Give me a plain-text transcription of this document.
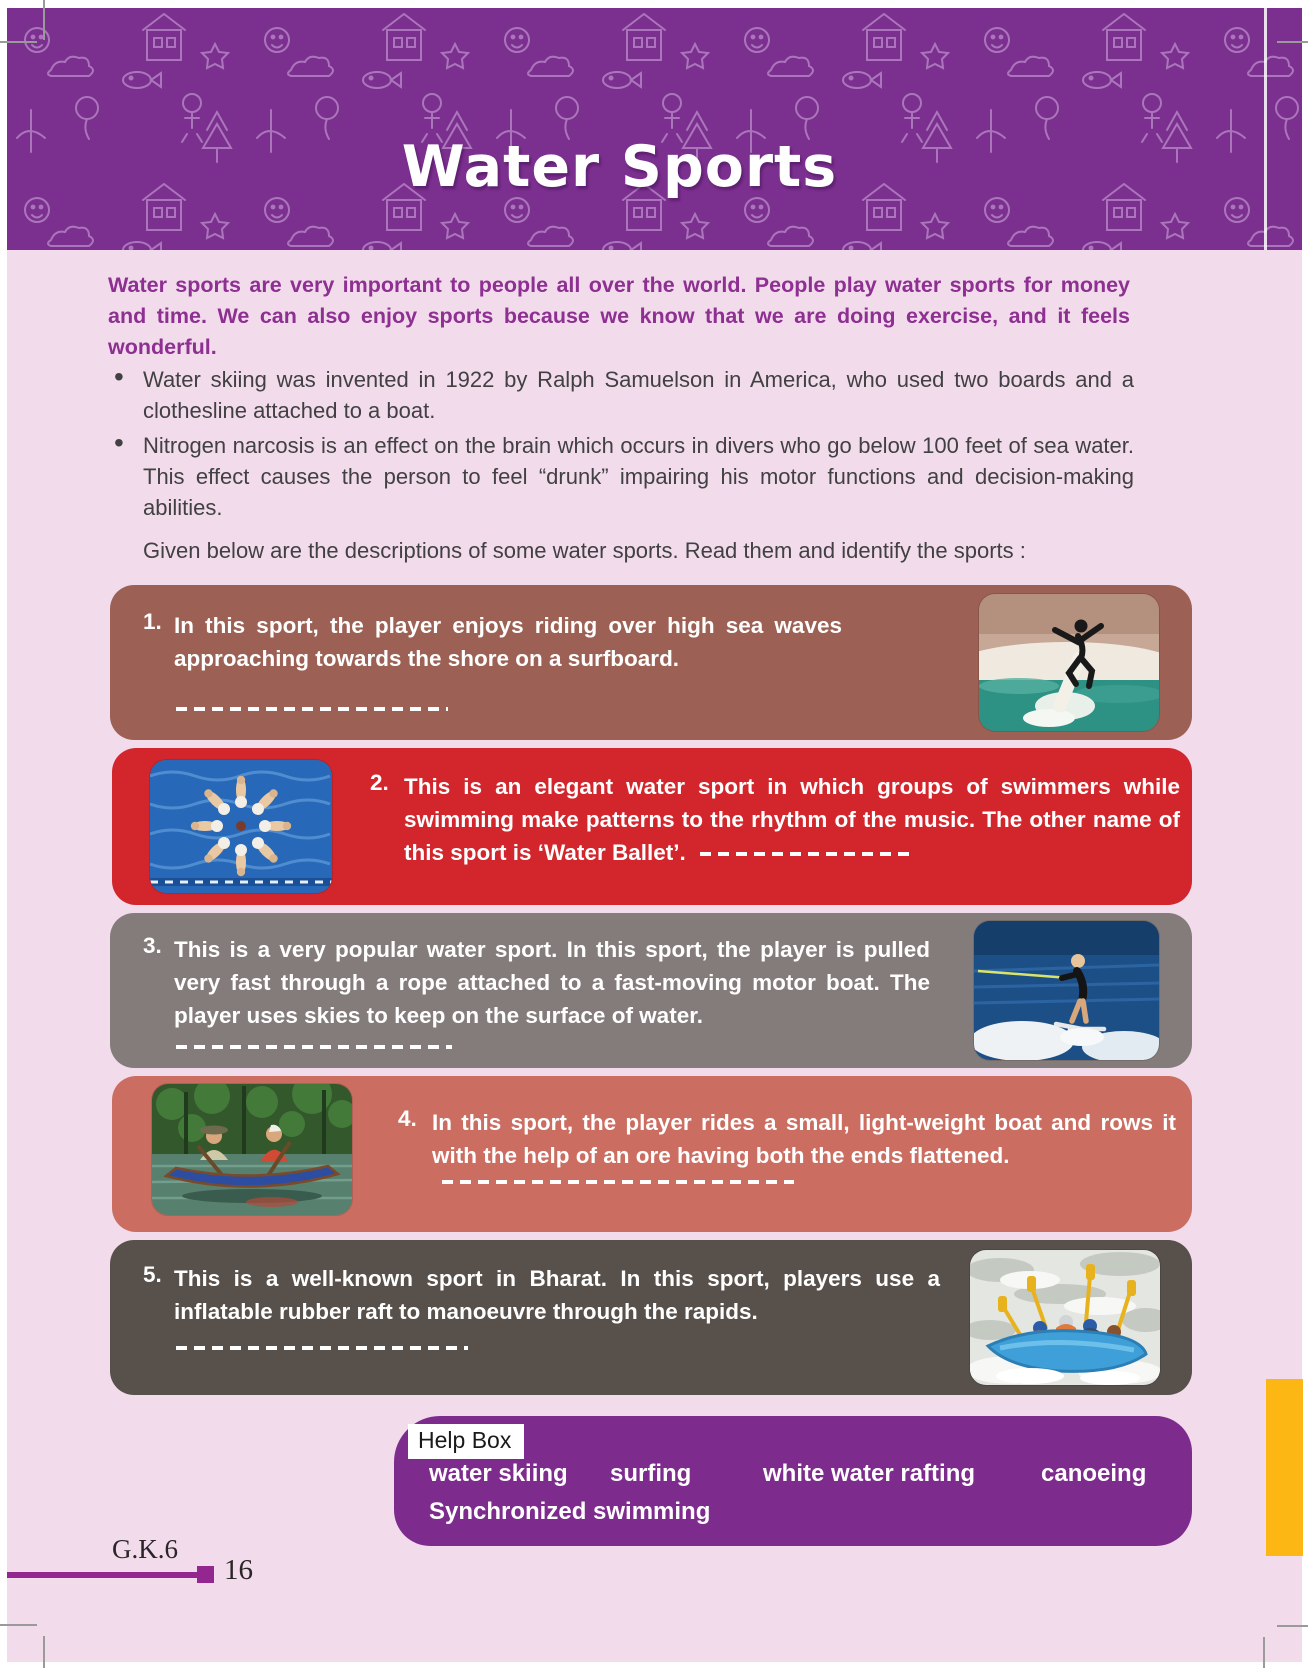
Water Sports

Water sports are very important to people all over the world. People play water sports for money and time. We can also enjoy sports because we know that we are doing exercise, and it feels wonderful.

• Water skiing was invented in 1922 by Ralph Samuelson in America, who used two boards and a clothesline attached to a boat.
• Nitrogen narcosis is an effect on the brain which occurs in divers who go below 100 feet of sea water. This effect causes the person to feel “drunk” impairing his motor functions and decision-making abilities.

Given below are the descriptions of some water sports. Read them and identify the sports :

1. In this sport, the player enjoys riding over high sea waves approaching towards the shore on a surfboard.

2. This is an elegant water sport in which groups of swimmers while swimming make patterns to the rhythm of the music. The other name of this sport is ‘Water Ballet’.

3. This is a very popular water sport. In this sport, the player is pulled very fast through a rope attached to a fast-moving motor boat. The player uses skies to keep on the surface of water.

4. In this sport, the player rides a small, light-weight boat and rows it with the help of an ore having both the ends flattened.

5. This is a well-known sport in Bharat. In this sport, players use a inflatable rubber raft to manoeuvre through the rapids.

Help Box
water skiing surfing	white water rafting	canoeing
Synchronized swimming
G.K.6
16
